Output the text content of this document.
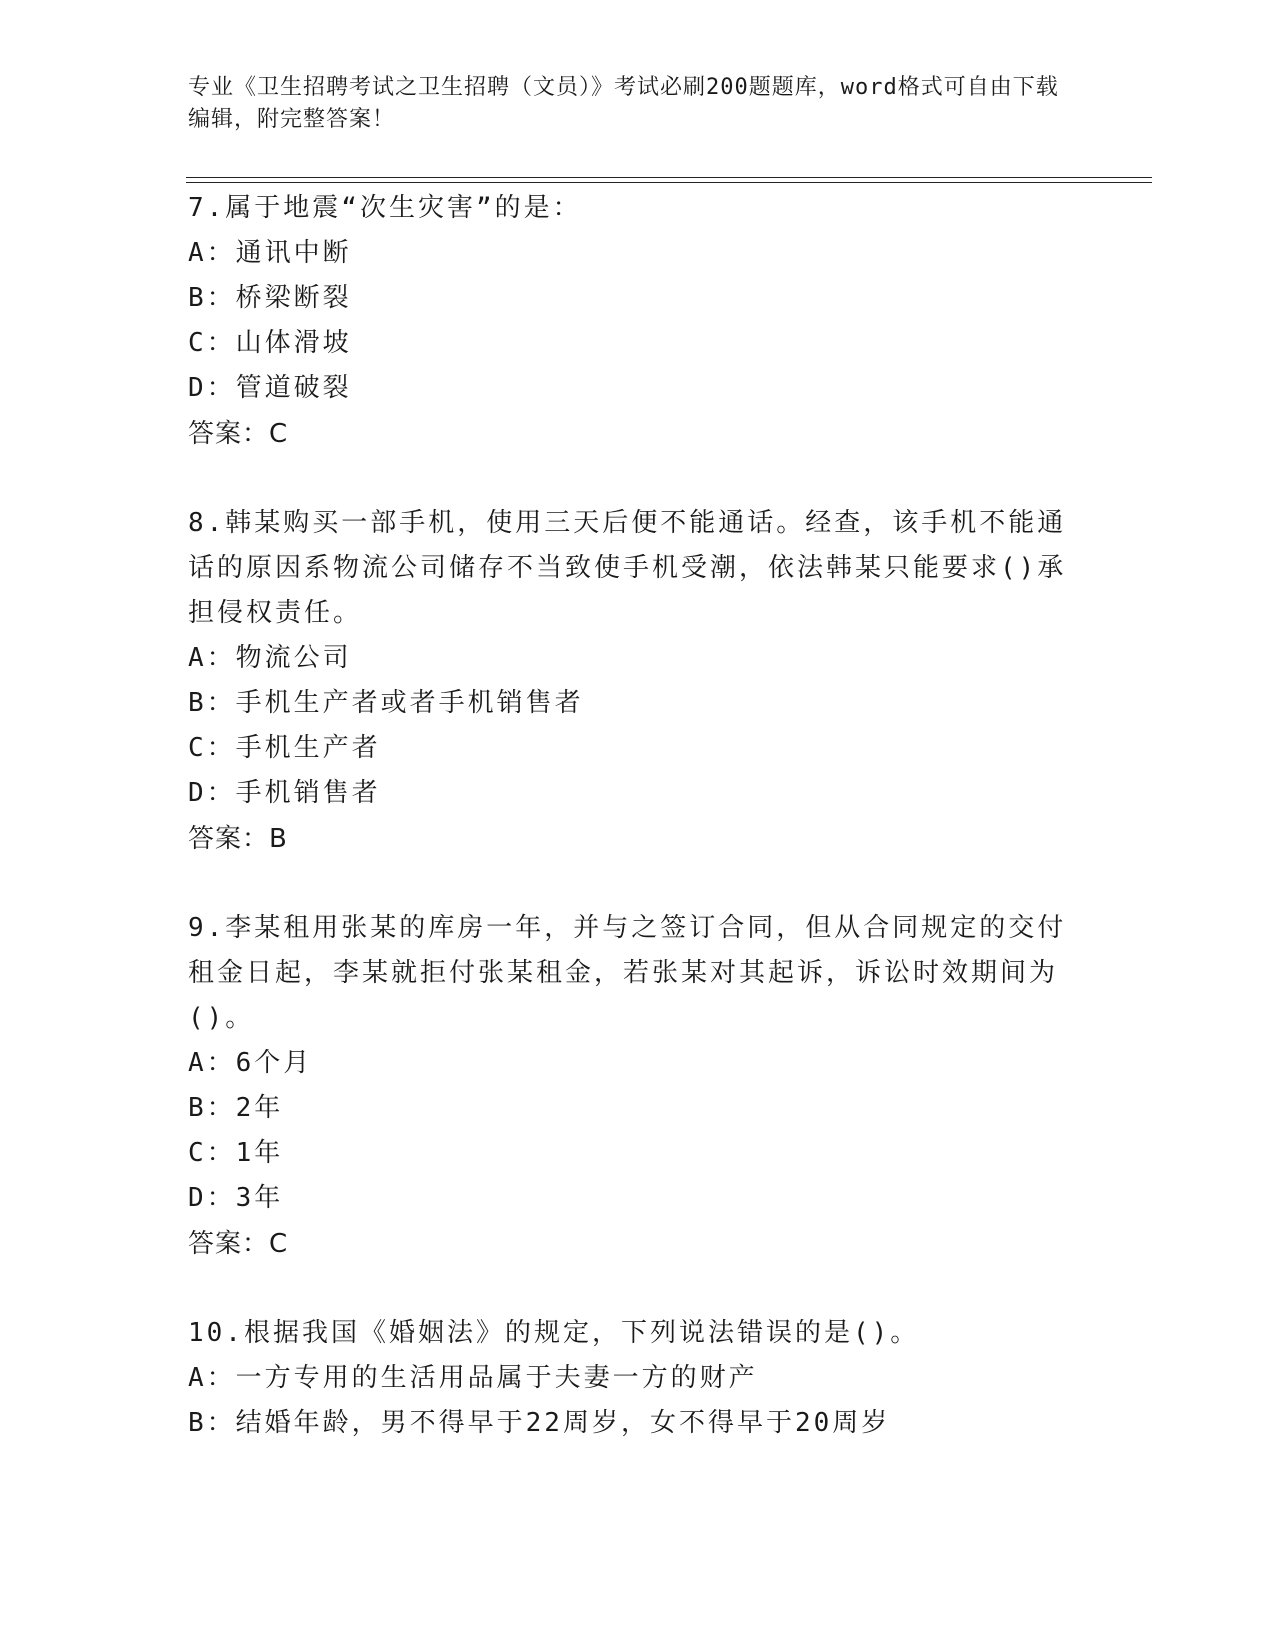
专业《卫生招聘考试之卫生招聘（文员）》考试必刷200题题库，word格式可自由下载编辑，附完整答案！
7.属于地震“次生灾害”的是：
A：通讯中断
B：桥梁断裂
C：山体滑坡
D：管道破裂
答案：C
8.韩某购买一部手机，使用三天后便不能通话。经查，该手机不能通话的原因系物流公司储存不当致使手机受潮，依法韩某只能要求()承担侵权责任。
A：物流公司
B：手机生产者或者手机销售者
C：手机生产者
D：手机销售者
答案：B
9.李某租用张某的库房一年，并与之签订合同，但从合同规定的交付租金日起，李某就拒付张某租金，若张某对其起诉，诉讼时效期间为()。
A：6个月
B：2年
C：1年
D：3年
答案：C
10.根据我国《婚姻法》的规定，下列说法错误的是()。
A：一方专用的生活用品属于夫妻一方的财产
B：结婚年龄，男不得早于22周岁，女不得早于20周岁
